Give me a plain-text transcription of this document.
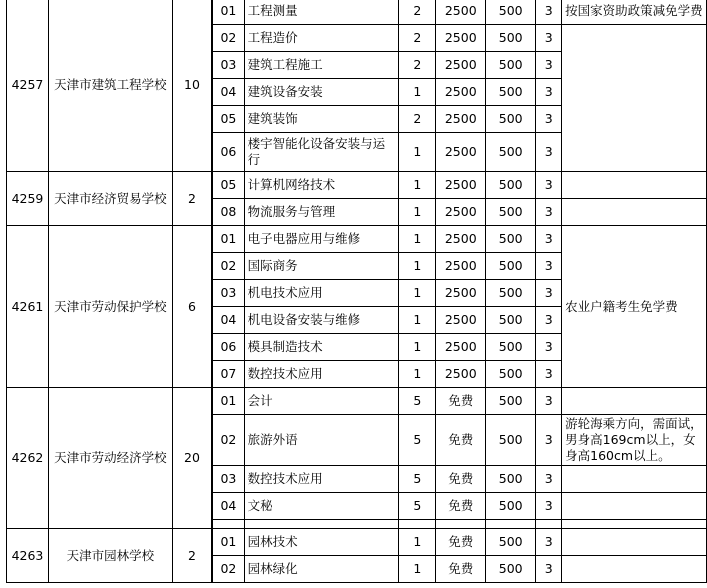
4257	天津市建筑工程学校	10	01	工程测量	2	2500	500	3	按国家资助政策减免学费
			02	工程造价	2	2500	500	3	
			03	建筑工程施工	2	2500	500	3	
			04	建筑设备安装	1	2500	500	3	
			05	建筑装饰	2	2500	500	3	
			06	楼宇智能化设备安装与运行	1	2500	500	3	
4259	天津市经济贸易学校	2	05	计算机网络技术	1	2500	500	3	
			08	物流服务与管理	1	2500	500	3	
4261	天津市劳动保护学校	6	01	电子电器应用与维修	1	2500	500	3	农业户籍考生免学费
			02	国际商务	1	2500	500	3	
			03	机电技术应用	1	2500	500	3	
			04	机电设备安装与维修	1	2500	500	3	
			06	模具制造技术	1	2500	500	3	
			07	数控技术应用	1	2500	500	3	
4262	天津市劳动经济学校	20	01	会计	5	免费	500	3	
			02	旅游外语	5	免费	500	3	游轮海乘方向，需面试，男身高169cm以上，女身高160cm以上。
			03	数控技术应用	5	免费	500	3	
			04	文秘	5	免费	500	3	

4263	天津市园林学校	2	01	园林技术	1	免费	500	3	
			02	园林绿化	1	免费	500	3	
